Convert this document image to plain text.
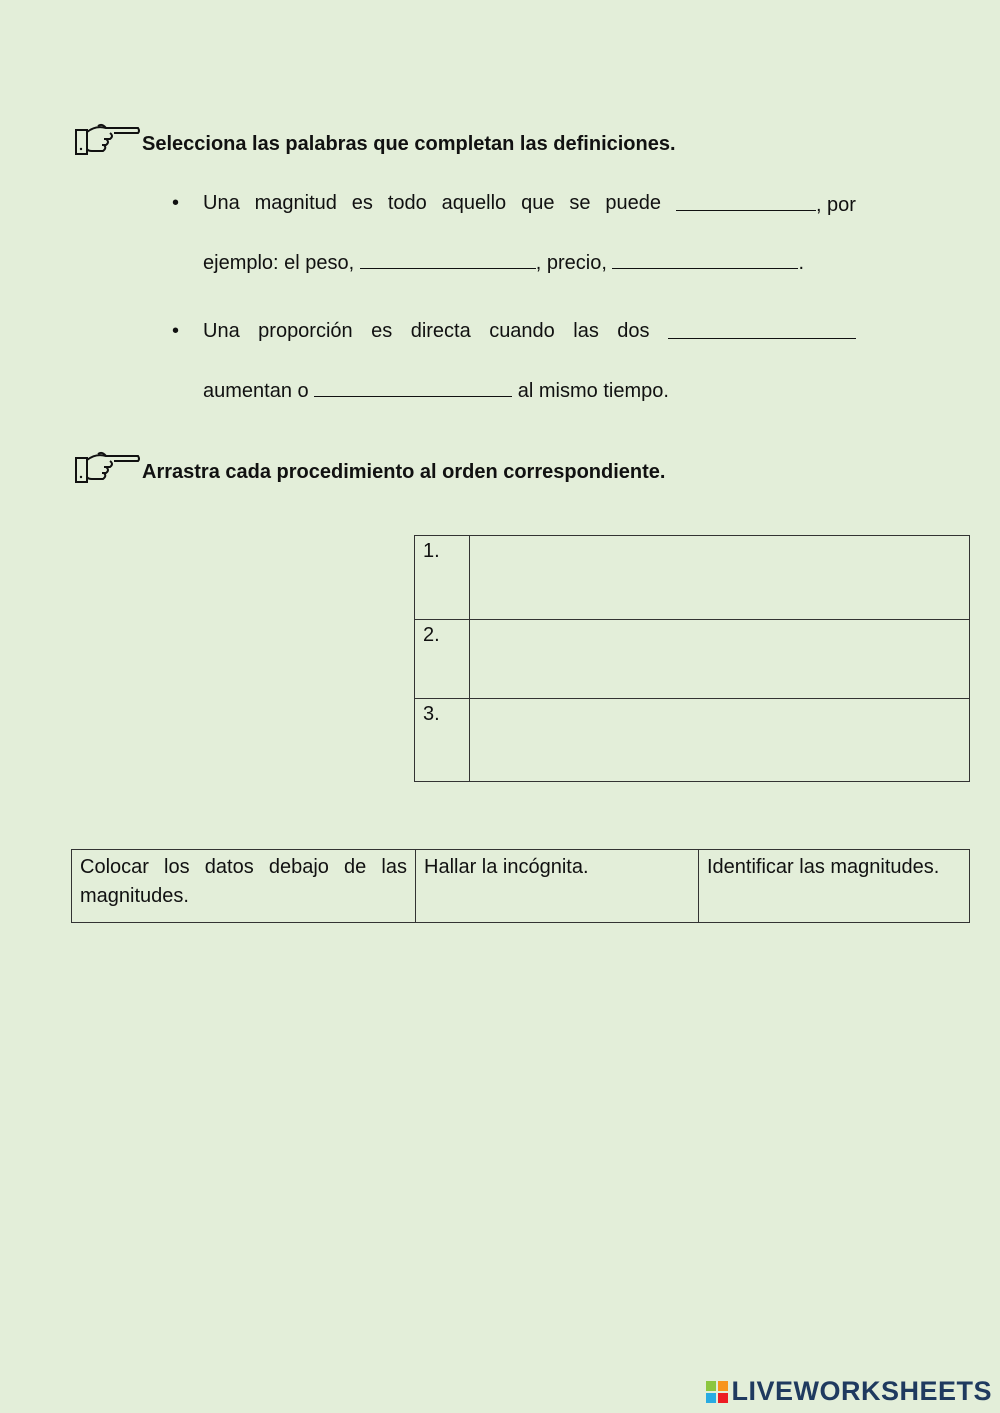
Selecciona las palabras que completan las definiciones.
• Una magnitud es todo aquello que se puede	, por
ejemplo: el peso,	, precio,	.
• Una proporción es directa cuando las dos
aumentan o	al mismo tiempo.
Arrastra cada procedimiento al orden correspondiente.
1.	
2.	
3.	
Colocar los datos debajo de las magnitudes.	Hallar la incógnita.	Identificar las magnitudes.
LIVEWORKSHEETS
